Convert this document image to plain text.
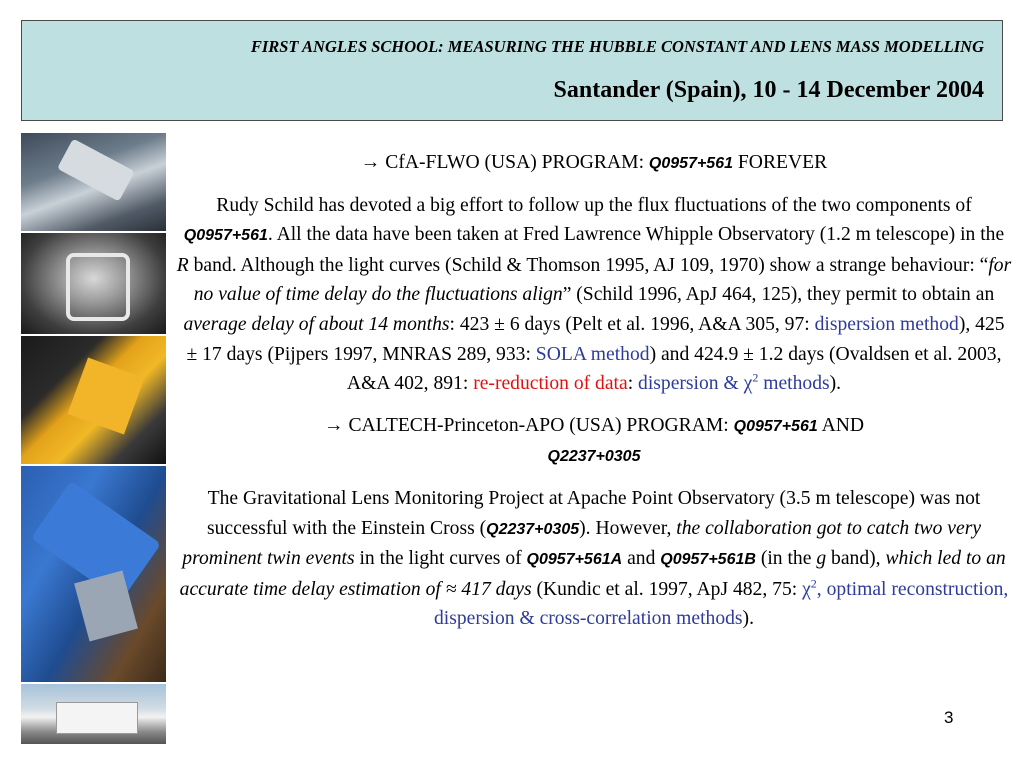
FIRST ANGLES SCHOOL: MEASURING THE HUBBLE CONSTANT AND LENS MASS MODELLING
Santander (Spain), 10 - 14 December 2004

→ CfA-FLWO (USA) PROGRAM: Q0957+561 FOREVER

Rudy Schild has devoted a big effort to follow up the flux fluctuations of the two components of Q0957+561. All the data have been taken at Fred Lawrence Whipple Observatory (1.2 m telescope) in the R band. Although the light curves (Schild & Thomson 1995, AJ 109, 1970) show a strange behaviour: “for no value of time delay do the fluctuations align” (Schild 1996, ApJ 464, 125), they permit to obtain an average delay of about 14 months: 423 ± 6 days (Pelt et al. 1996, A&A 305, 97: dispersion method), 425 ± 17 days (Pijpers 1997, MNRAS 289, 933: SOLA method) and 424.9 ± 1.2 days (Ovaldsen et al. 2003, A&A 402, 891: re-reduction of data: dispersion & $\chi^2$ methods).

→ CALTECH-Princeton-APO (USA) PROGRAM: Q0957+561 AND
Q2237+0305

The Gravitational Lens Monitoring Project at Apache Point Observatory (3.5 m telescope) was not successful with the Einstein Cross (Q2237+0305). However, the collaboration got to catch two very prominent twin events in the light curves of Q0957+561A and Q0957+561B (in the g band), which led to an accurate time delay estimation of ≈ 417 days (Kundic et al. 1997, ApJ 482, 75: $\chi^2$, optimal reconstruction, dispersion & cross-correlation methods).

3
